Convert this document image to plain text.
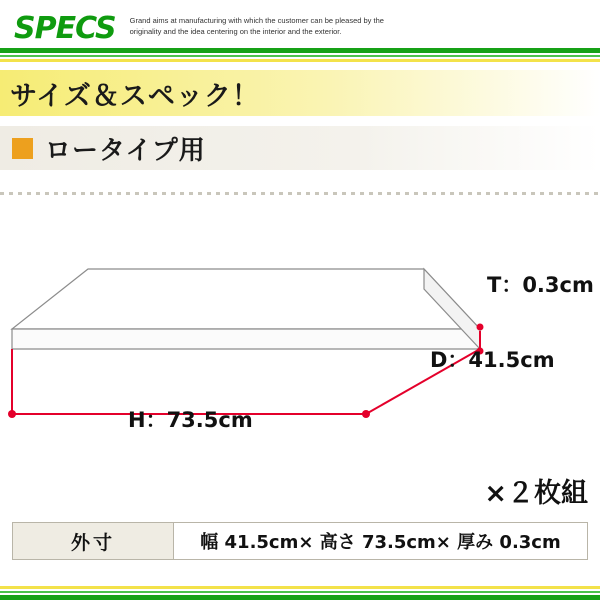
SPECS Grand aims at manufacturing with which the customer can be pleased by the
originality and the idea centering on the interior and the exterior.
サイズ＆スペック！
ロータイプ用
T：0.3cm
D：41.5cm
H：73.5cm
×２枚組
外寸	幅 41.5cm× 高さ 73.5cm× 厚み 0.3cm
